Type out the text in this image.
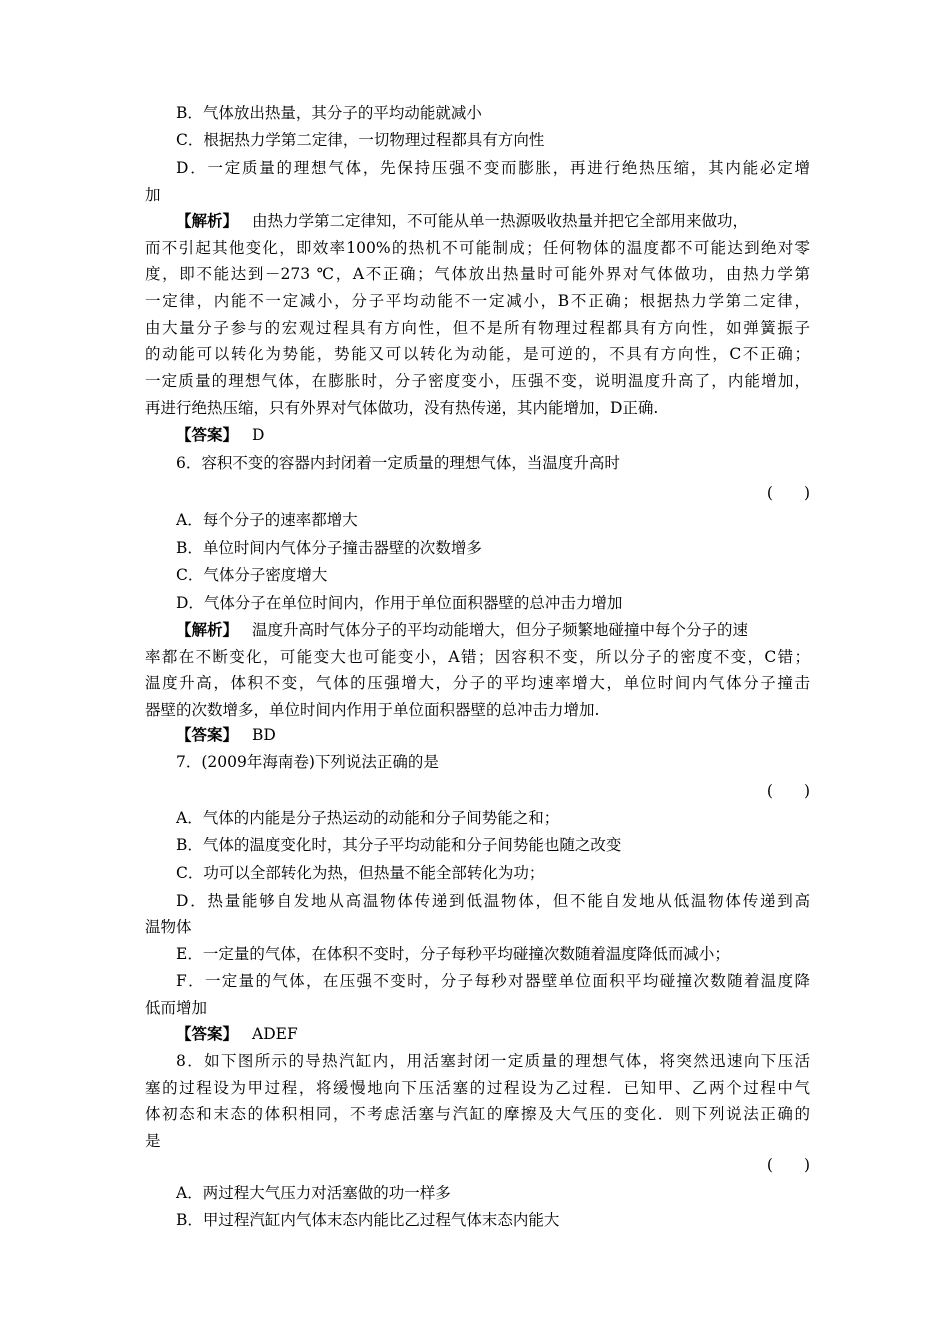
B．气体放出热量，其分子的平均动能就减小
C．根据热力学第二定律，一切物理过程都具有方向性
D．一定质量的理想气体，先保持压强不变而膨胀，再进行绝热压缩，其内能必定增
加
【解析】 由热力学第二定律知，不可能从单一热源吸收热量并把它全部用来做功，
而不引起其他变化，即效率100%的热机不可能制成；任何物体的温度都不可能达到绝对零
度，即不能达到－273 ℃，A不正确；气体放出热量时可能外界对气体做功，由热力学第
一定律，内能不一定减小，分子平均动能不一定减小，B不正确；根据热力学第二定律，
由大量分子参与的宏观过程具有方向性，但不是所有物理过程都具有方向性，如弹簧振子
的动能可以转化为势能，势能又可以转化为动能，是可逆的，不具有方向性，C不正确；
一定质量的理想气体，在膨胀时，分子密度变小，压强不变，说明温度升高了，内能增加，
再进行绝热压缩，只有外界对气体做功，没有热传递，其内能增加，D正确.
【答案】 D
6．容积不变的容器内封闭着一定质量的理想气体，当温度升高时
(　　)
A．每个分子的速率都增大
B．单位时间内气体分子撞击器壁的次数增多
C．气体分子密度增大
D．气体分子在单位时间内，作用于单位面积器壁的总冲击力增加
【解析】 温度升高时气体分子的平均动能增大，但分子频繁地碰撞中每个分子的速
率都在不断变化，可能变大也可能变小，A错；因容积不变，所以分子的密度不变，C错；
温度升高，体积不变，气体的压强增大，分子的平均速率增大，单位时间内气体分子撞击
器壁的次数增多，单位时间内作用于单位面积器壁的总冲击力增加.
【答案】 BD
7．(2009年海南卷)下列说法正确的是
(　　)
A．气体的内能是分子热运动的动能和分子间势能之和；
B．气体的温度变化时，其分子平均动能和分子间势能也随之改变
C．功可以全部转化为热，但热量不能全部转化为功；
D．热量能够自发地从高温物体传递到低温物体，但不能自发地从低温物体传递到高
温物体
E．一定量的气体，在体积不变时，分子每秒平均碰撞次数随着温度降低而减小；
F．一定量的气体，在压强不变时，分子每秒对器壁单位面积平均碰撞次数随着温度降
低而增加
【答案】 ADEF
8．如下图所示的导热汽缸内，用活塞封闭一定质量的理想气体，将突然迅速向下压活
塞的过程设为甲过程，将缓慢地向下压活塞的过程设为乙过程．已知甲、乙两个过程中气
体初态和末态的体积相同，不考虑活塞与汽缸的摩擦及大气压的变化．则下列说法正确的
是
(　　)
A．两过程大气压力对活塞做的功一样多
B．甲过程汽缸内气体末态内能比乙过程气体末态内能大
